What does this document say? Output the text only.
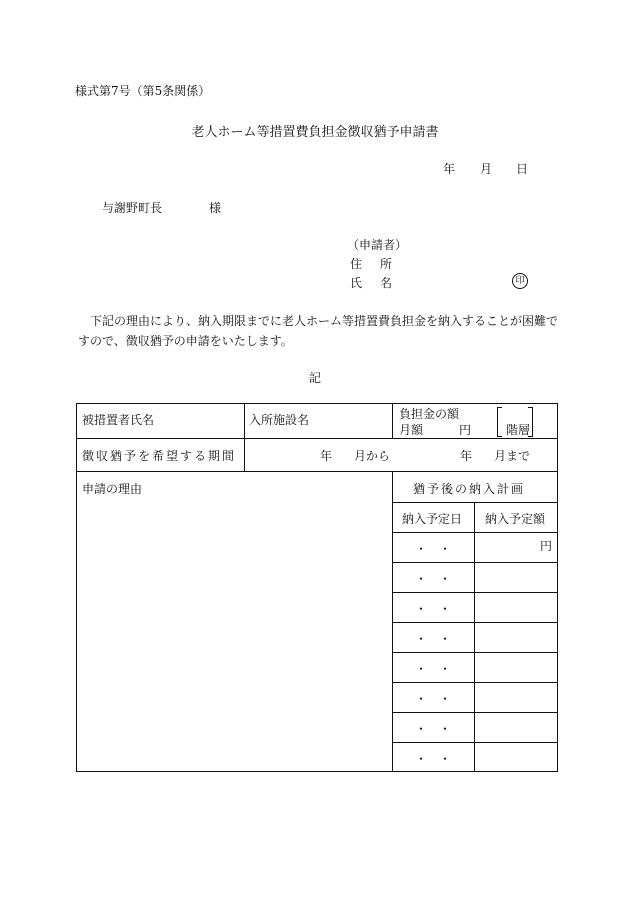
様式第7号（第5条関係）
老人ホーム等措置費負担金徴収猶予申請書
年 月 日
与謝野町長	様
（申請者）
住所
氏名	印
下記の理由により、納入期限までに老人ホーム等措置費負担金を納入することが困難ですので、徴収猶予の申請をいたします。
記
被措置者氏名	入所施設名	負担金の額
月額	円	階層
徴収猶予を希望する期間	年 月から	年 月まで
申請の理由	猶予後の納入計画
納入予定日 納入予定額
・　・	円
・　・
・　・
・　・
・　・
・　・
・　・
・　・
